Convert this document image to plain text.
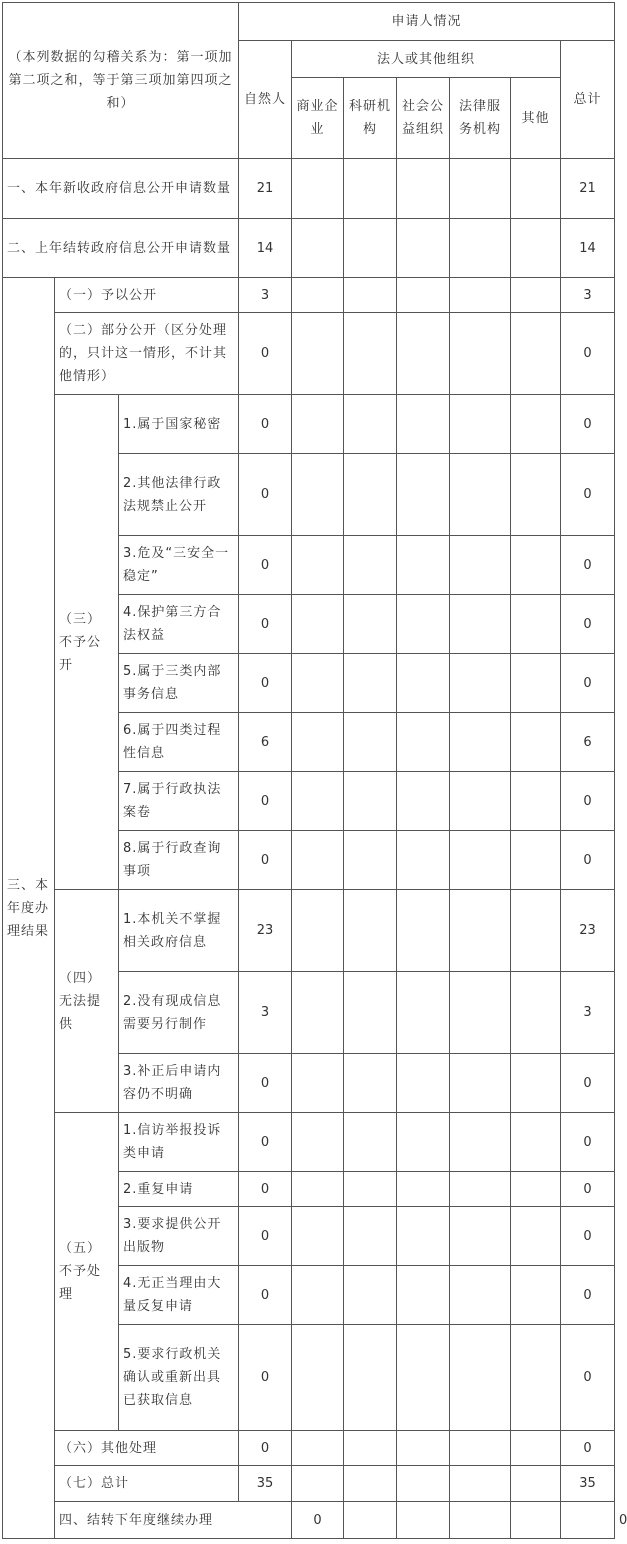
（本列数据的勾稽关系为：第一项加第二项之和，等于第三项加第四项之和）			申请人情况							
			自然人	法人或其他组织					总计	
				商业企业	科研机构	社会公益组织	法律服务机构	其他		
一、本年新收政府信息公开申请数量			21						21	
二、上年结转政府信息公开申请数量			14						14	
三、本年度办理结果	（一）予以公开		3						3	
	（二）部分公开（区分处理的，只计这一情形，不计其他情形）		0						0	
	（三）不予公开	1.属于国家秘密	0						0	
		2.其他法律行政法规禁止公开	0						0	
		3.危及“三安全一稳定”	0						0	
		4.保护第三方合法权益	0						0	
		5.属于三类内部事务信息	0						0	
		6.属于四类过程性信息	6						6	
		7.属于行政执法案卷	0						0	
		8.属于行政查询事项	0						0	
	（四）无法提供	1.本机关不掌握相关政府信息	23						23	
		2.没有现成信息需要另行制作	3						3	
		3.补正后申请内容仍不明确	0						0	
	（五）不予处理	1.信访举报投诉类申请	0						0	
		2.重复申请	0						0	
		3.要求提供公开出版物	0						0	
		4.无正当理由大量反复申请	0						0	
		5.要求行政机关确认或重新出具已获取信息	0						0	
	（六）其他处理		0						0	
	（七）总计		35						35	
	四、结转下年度继续办理			0						0
